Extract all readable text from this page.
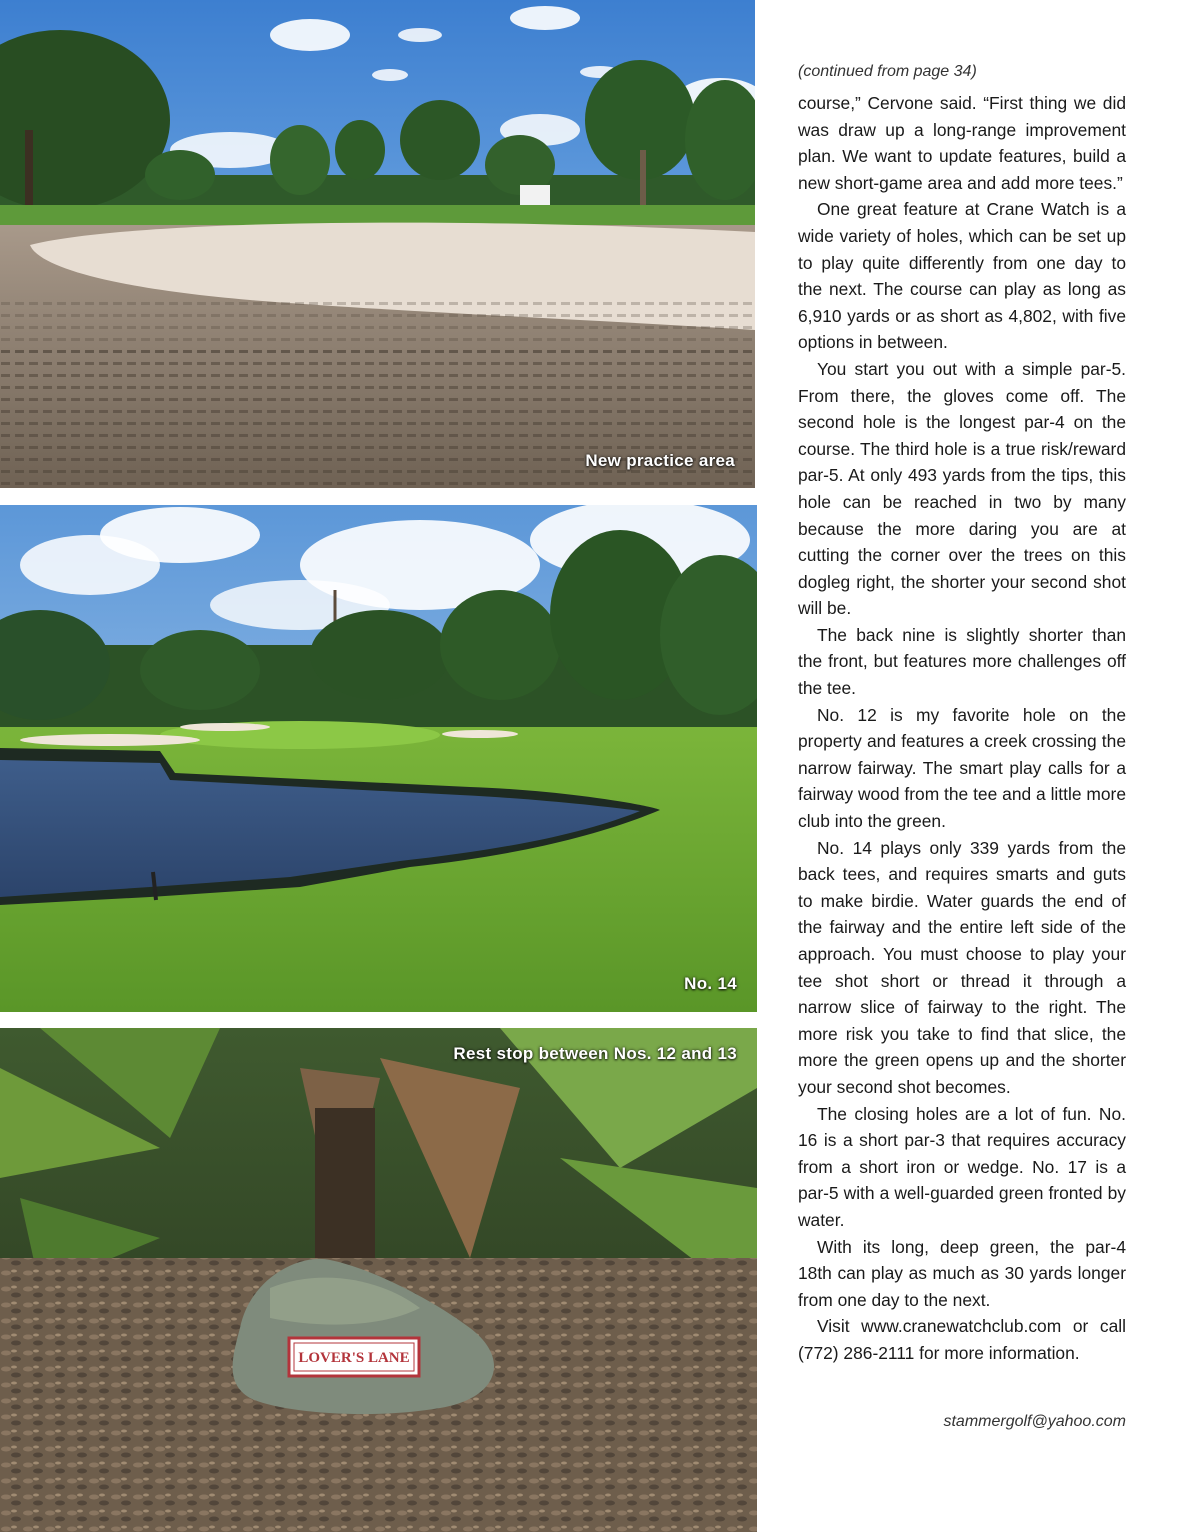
New practice area
No. 14
LOVER'S LANE
Rest stop between Nos. 12 and 13
(continued from page 34)

course,” Cervone said. “First thing we did was draw up a long-range improvement plan. We want to update features, build a new short-game area and add more tees.”

One great feature at Crane Watch is a wide variety of holes, which can be set up to play quite differently from one day to the next. The course can play as long as 6,910 yards or as short as 4,802, with five options in between.

You start you out with a simple par-5. From there, the gloves come off. The second hole is the longest par-4 on the course. The third hole is a true risk/reward par-5. At only 493 yards from the tips, this hole can be reached in two by many because the more daring you are at cutting the corner over the trees on this dogleg right, the shorter your second shot will be.

The back nine is slightly shorter than the front, but features more challenges off the tee.

No. 12 is my favorite hole on the property and features a creek crossing the narrow fairway. The smart play calls for a fairway wood from the tee and a little more club into the green.

No. 14 plays only 339 yards from the back tees, and requires smarts and guts to make birdie. Water guards the end of the fairway and the entire left side of the approach. You must choose to play your tee shot short or thread it through a narrow slice of fairway to the right. The more risk you take to find that slice, the more the green opens up and the shorter your second shot becomes.

The closing holes are a lot of fun. No. 16 is a short par-3 that requires accuracy from a short iron or wedge. No. 17 is a par-5 with a well-guarded green fronted by water.

With its long, deep green, the par-4 18th can play as much as 30 yards longer from one day to the next.

Visit www.cranewatchclub.com or call (772) 286-2111 for more information.

stammergolf@yahoo.com
